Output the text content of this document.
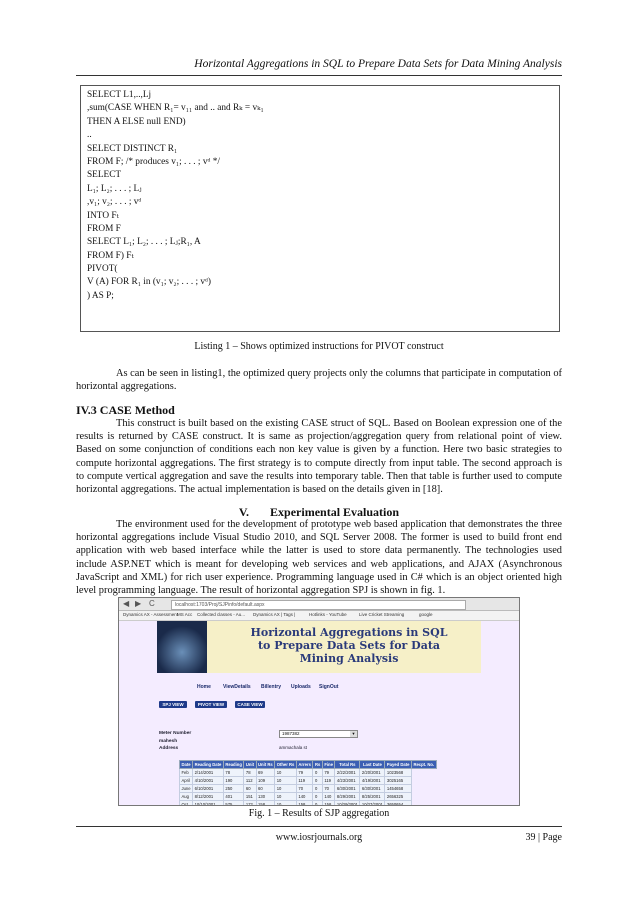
Horizontal Aggregations in SQL to Prepare Data Sets for Data Mining Analysis
SELECT L1,..,Lj
,sum(CASE WHEN R₁= v₁₁ and .. and Rₖ = vₖ₁
THEN A ELSE null END)
..
SELECT DISTINCT R₁
FROM F; /* produces v₁; . . . ; vᵈ */
SELECT
L₁; L₂; . . . ; Lⱼ
,v₁; v₂; . . . ; vᵈ
INTO Fₜ
FROM F
SELECT L₁; L₂; . . . ; Lⱼ;R₁, A
FROM F) Fₜ
PIVOT(
V (A) FOR R₁ in (v₁; v₂; . . . ; vᵈ)
) AS P;
Listing 1 – Shows optimized instructions for PIVOT construct
As can be seen in listing1, the optimized query projects only the columns that participate in computation of horizontal aggregations.
IV.3 CASE Method
This construct is built based on the existing CASE struct of SQL. Based on Boolean expression one of the results is returned by CASE construct. It is same as projection/aggregation query from relational point of view. Based on some conjunction of conditions each non key value is given by a function. Here two basic strategies to compute horizontal aggregations. The first strategy is to compute directly from input table. The second approach is to compute vertical aggregation and save the results into temporary table. Then that table is further used to compute horizontal aggregations. The actual implementation is based on the details given in [18].
V. Experimental Evaluation
The environment used for the development of prototype web based application that demonstrates the three horizontal aggregations include Visual Studio 2010, and SQL Server 2008. The former is used to build front end application with web based interface while the latter is used to store data permanently. The technologies used include ASP.NET which is meant for developing web services and web applications, and AJAX (Asynchronous JavaScript and XML) for rich user experience. Programming language used in C# which is an object oriented high level programming language. The result of horizontal aggregation SPJ is shown in fig. 1.
◀ ▶ C	localhost:1703/Proj/SJPinfo/default.aspx
Dynamics AX - Assessment
MS Acc Collected classes - Au... Dynamics AX | Tags |	Hotlinks - YouTube	Live Cricket Streaming	google
Horizontal Aggregations in SQL to Prepare Data Sets for Data Mining Analysis
Home ViewDetails Billentry Uploads SignOut
SPJ VIEW	PIVOT VIEW	CASE VIEW
Meter Number	1987382	▼
mahesh
Address	ammachala st
Date	Reading Date	Reading	Unit	Unit Rs	Other Rs	Arrers	Rs	Fine	Total Rs	Last Date	Payed Date	Recpt. No.
Feb	2/14/2001	78	78	69	10	79	0	79	2/22/2001	2/20/2001	1023568	
April	4/10/2001	190	112	109	10	119	0	119	4/23/2001	4/19/2001	3025165	
June	6/10/2001	250	60	60	10	70	0	70	6/30/2001	6/30/2001	1454658	
Aug	8/12/2001	401	151	130	10	140	0	140	8/29/2001	8/25/2001	2656325	
Oct	10/10/2001	575	172	158	10	158	0	158	10/29/2001	10/27/2001	3650654	
Fig. 1 – Results of SJP aggregation
www.iosrjournals.org	39 | Page
